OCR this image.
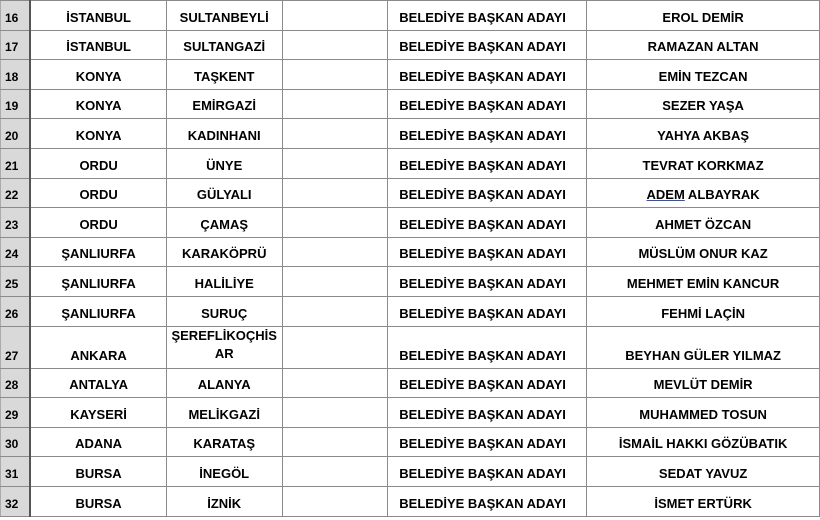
16	İSTANBUL	SULTANBEYLİ		BELEDİYE BAŞKAN ADAYI	EROL DEMİR

17	İSTANBUL	SULTANGAZİ		BELEDİYE BAŞKAN ADAYI	RAMAZAN ALTAN

18	KONYA	TAŞKENT		BELEDİYE BAŞKAN ADAYI	EMİN TEZCAN

19	KONYA	EMİRGAZİ		BELEDİYE BAŞKAN ADAYI	SEZER YAŞA

20	KONYA	KADINHANI		BELEDİYE BAŞKAN ADAYI	YAHYA AKBAŞ

21	ORDU	ÜNYE		BELEDİYE BAŞKAN ADAYI	TEVRAT KORKMAZ

22	ORDU	GÜLYALI		BELEDİYE BAŞKAN ADAYI	ADEM ALBAYRAK

23	ORDU	ÇAMAŞ		BELEDİYE BAŞKAN ADAYI	AHMET ÖZCAN

24	ŞANLIURFA	KARAKÖPRÜ		BELEDİYE BAŞKAN ADAYI	MÜSLÜM ONUR KAZ

25	ŞANLIURFA	HALİLİYE		BELEDİYE BAŞKAN ADAYI	MEHMET EMİN KANCUR

26	ŞANLIURFA	SURUÇ		BELEDİYE BAŞKAN ADAYI	FEHMİ LAÇİN

27	ANKARA	ŞEREFLİKOÇHİSAR		BELEDİYE BAŞKAN ADAYI	BEYHAN GÜLER YILMAZ

28	ANTALYA	ALANYA		BELEDİYE BAŞKAN ADAYI	MEVLÜT DEMİR

29	KAYSERİ	MELİKGAZİ		BELEDİYE BAŞKAN ADAYI	MUHAMMED TOSUN

30	ADANA	KARATAŞ		BELEDİYE BAŞKAN ADAYI	İSMAİL HAKKI GÖZÜBATIK

31	BURSA	İNEGÖL		BELEDİYE BAŞKAN ADAYI	SEDAT YAVUZ

32	BURSA	İZNİK		BELEDİYE BAŞKAN ADAYI	İSMET ERTÜRK
